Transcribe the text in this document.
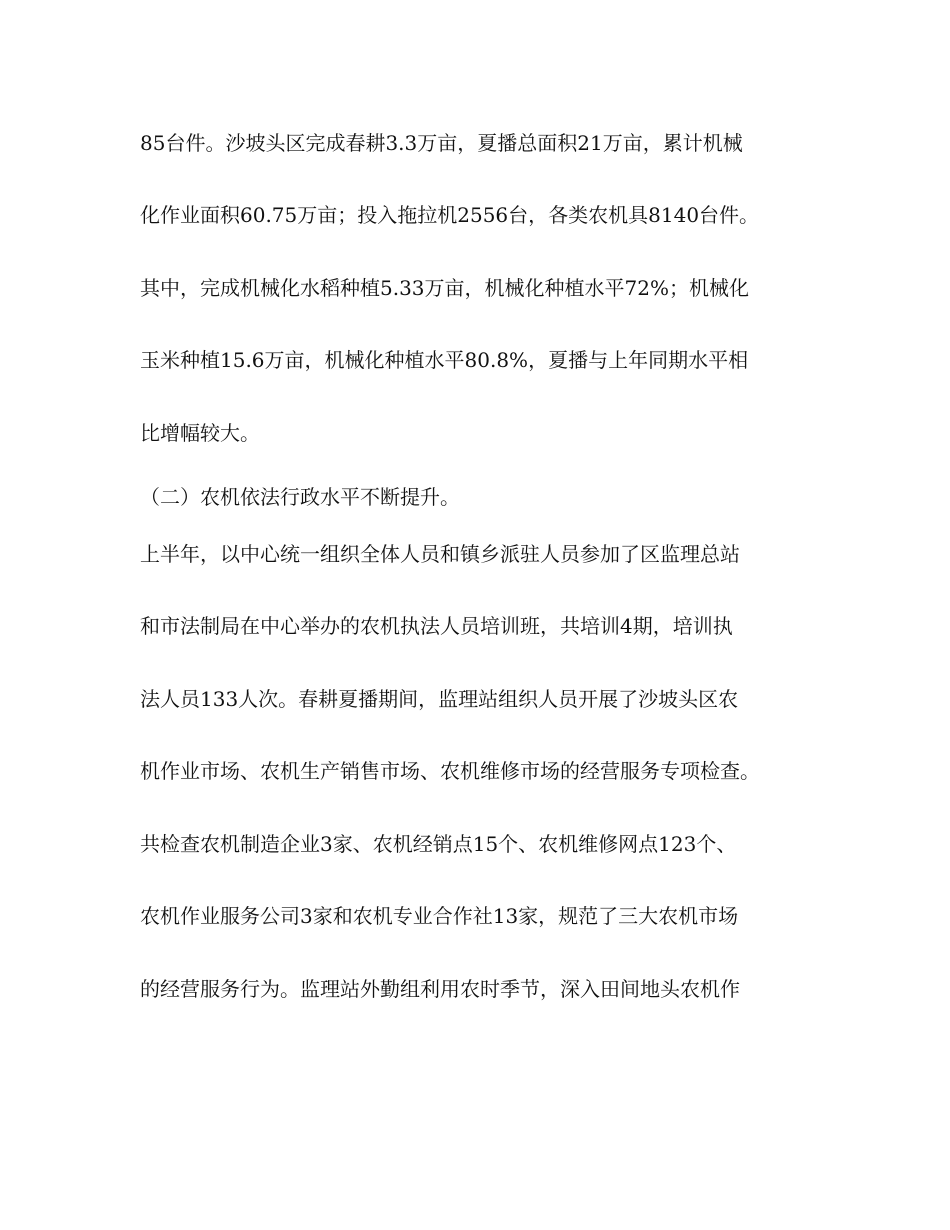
85台件。沙坡头区完成春耕3.3万亩，夏播总面积21万亩，累计机械
化作业面积60.75万亩；投入拖拉机2556台，各类农机具8140台件。
其中，完成机械化水稻种植5.33万亩，机械化种植水平72%；机械化
玉米种植15.6万亩，机械化种植水平80.8%，夏播与上年同期水平相
比增幅较大。
（二）农机依法行政水平不断提升。
上半年，以中心统一组织全体人员和镇乡派驻人员参加了区监理总站
和市法制局在中心举办的农机执法人员培训班，共培训4期，培训执
法人员133人次。春耕夏播期间，监理站组织人员开展了沙坡头区农
机作业市场、农机生产销售市场、农机维修市场的经营服务专项检查。
共检查农机制造企业3家、农机经销点15个、农机维修网点123个、
农机作业服务公司3家和农机专业合作社13家，规范了三大农机市场
的经营服务行为。监理站外勤组利用农时季节，深入田间地头农机作
